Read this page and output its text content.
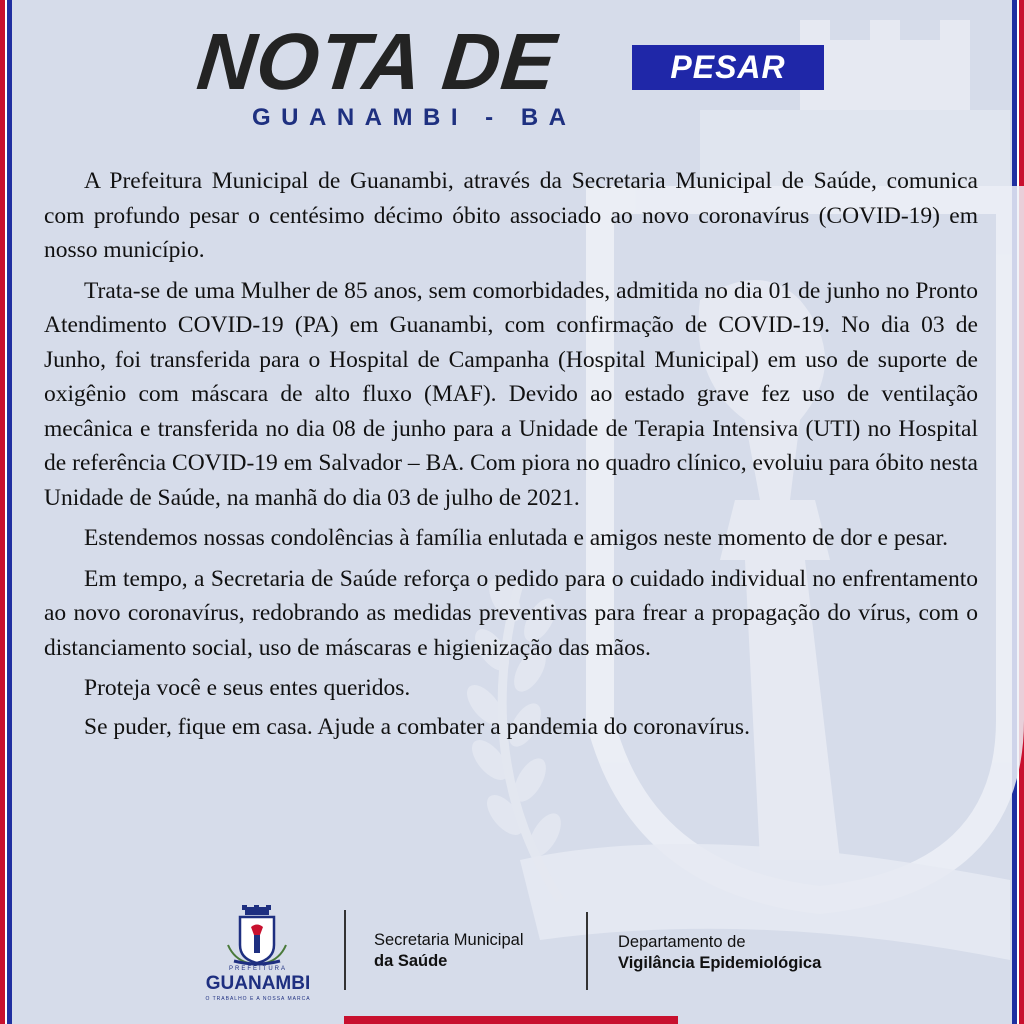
NOTA DE	PESAR
GUANAMBI - BA

A Prefeitura Municipal de Guanambi, através da Secretaria Municipal de Saúde, comunica com profundo pesar o centésimo décimo óbito associado ao novo coronavírus (COVID-19) em nosso município.

Trata-se de uma Mulher de 85 anos, sem comorbidades, admitida no dia 01 de junho no Pronto Atendimento COVID-19 (PA) em Guanambi, com confirmação de COVID-19. No dia 03 de Junho, foi transferida para o Hospital de Campanha (Hospital Municipal) em uso de suporte de oxigênio com máscara de alto fluxo (MAF). Devido ao estado grave fez uso de ventilação mecânica e transferida no dia 08 de junho para a Unidade de Terapia Intensiva (UTI) no Hospital de referência COVID-19 em Salvador – BA. Com piora no quadro clínico, evoluiu para óbito nesta Unidade de Saúde, na manhã do dia 03 de julho de 2021.

Estendemos nossas condolências à família enlutada e amigos neste momento de dor e pesar.

Em tempo, a Secretaria de Saúde reforça o pedido para o cuidado individual no enfrentamento ao novo coronavírus, redobrando as medidas preventivas para frear a propagação do vírus, com o distanciamento social, uso de máscaras e higienização das mãos.

Proteja você e seus entes queridos.

Se puder, fique em casa. Ajude a combater a pandemia do coronavírus.

PREFEITURA
GUANAMBI
O TRABALHO E A NOSSA MARCA
Secretaria Municipal
da Saúde
Departamento de
Vigilância Epidemiológica
